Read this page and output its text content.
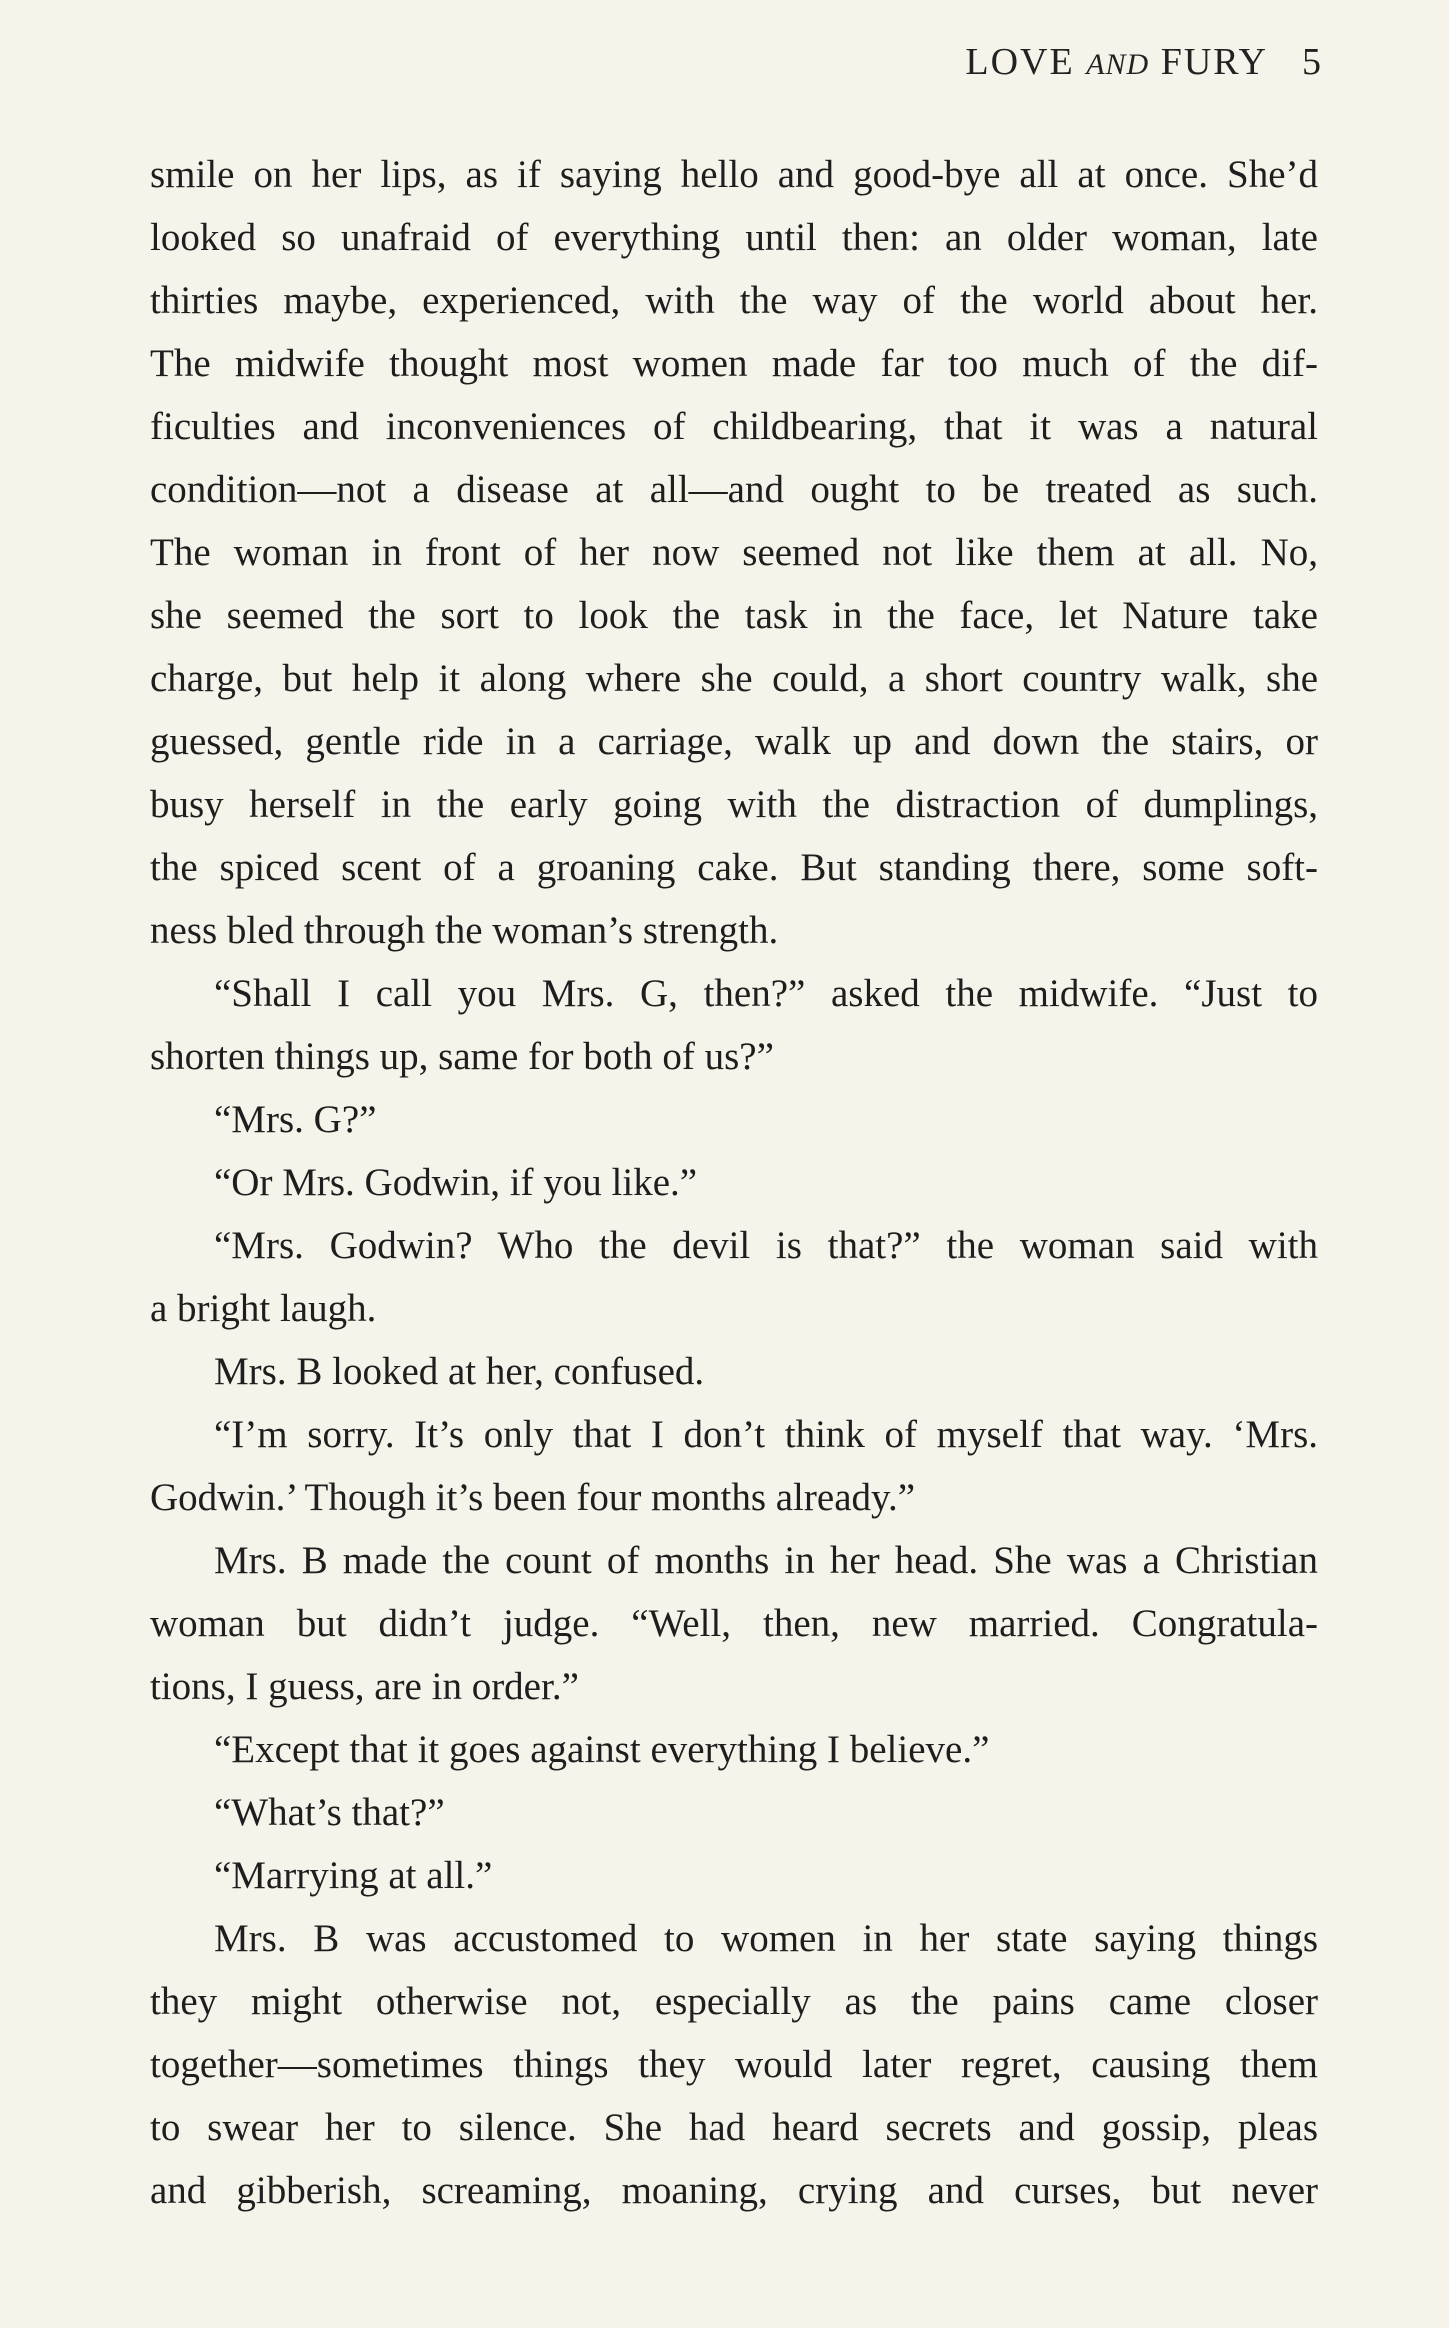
LOVE AND FURY 5
smile on her lips, as if saying hello and good-bye all at once. She’d
looked so unafraid of everything until then: an older woman, late
thirties maybe, experienced, with the way of the world about her.
The midwife thought most women made far too much of the dif-
ficulties and inconveniences of childbearing, that it was a natural
condition—not a disease at all—and ought to be treated as such.
The woman in front of her now seemed not like them at all. No,
she seemed the sort to look the task in the face, let Nature take
charge, but help it along where she could, a short country walk, she
guessed, gentle ride in a carriage, walk up and down the stairs, or
busy herself in the early going with the distraction of dumplings,
the spiced scent of a groaning cake. But standing there, some soft-
ness bled through the woman’s strength.
“Shall I call you Mrs. G, then?” asked the midwife. “Just to
shorten things up, same for both of us?”
“Mrs. G?”
“Or Mrs. Godwin, if you like.”
“Mrs. Godwin? Who the devil is that?” the woman said with
a bright laugh.
Mrs. B looked at her, confused.
“I’m sorry. It’s only that I don’t think of myself that way. ‘Mrs.
Godwin.’ Though it’s been four months already.”
Mrs. B made the count of months in her head. She was a Christian
woman but didn’t judge. “Well, then, new married. Congratula-
tions, I guess, are in order.”
“Except that it goes against everything I believe.”
“What’s that?”
“Marrying at all.”
Mrs. B was accustomed to women in her state saying things
they might otherwise not, especially as the pains came closer
together—sometimes things they would later regret, causing them
to swear her to silence. She had heard secrets and gossip, pleas
and gibberish, screaming, moaning, crying and curses, but never
